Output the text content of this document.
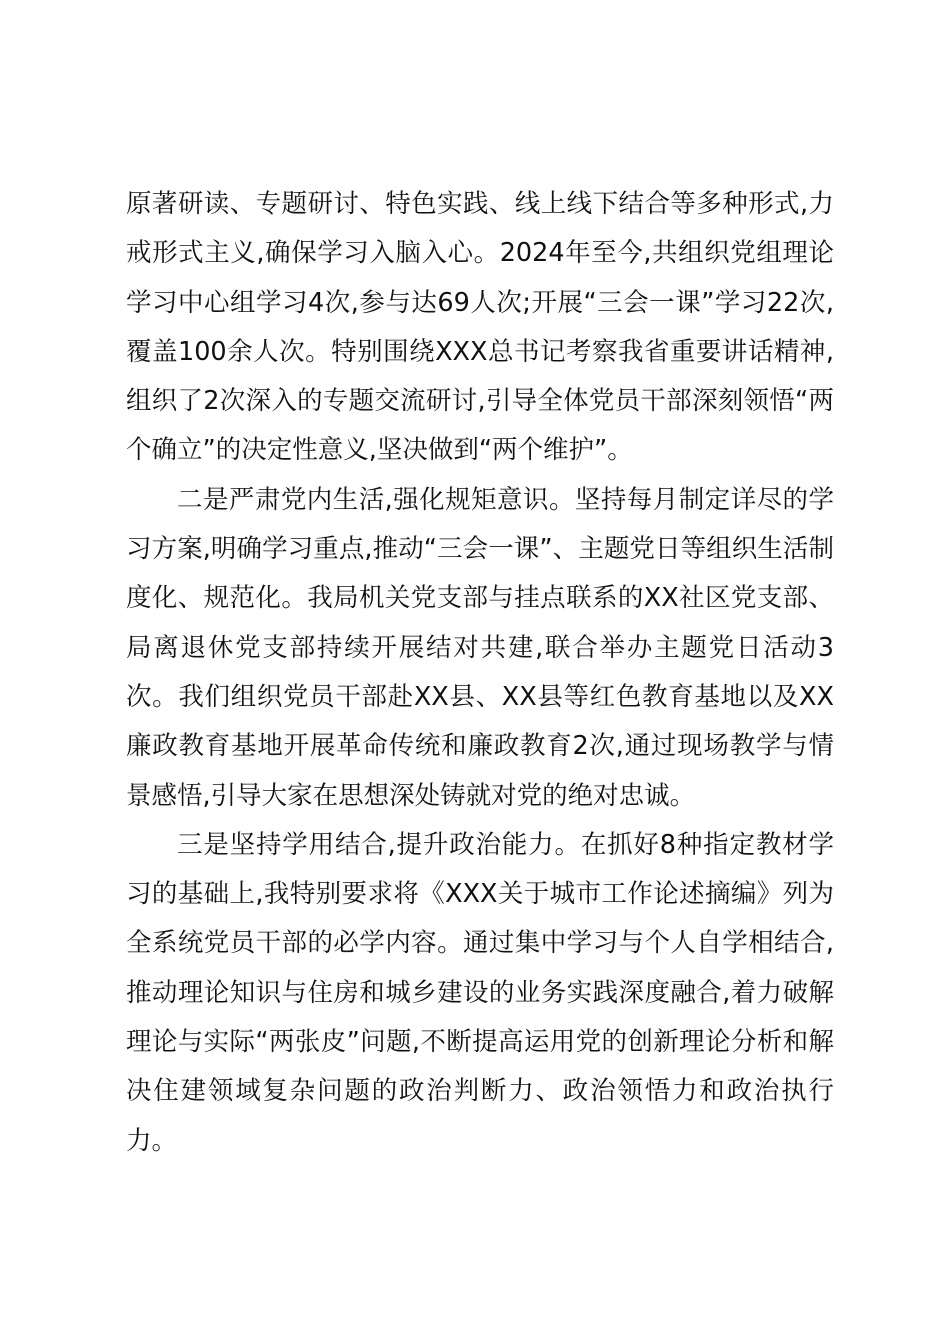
原著研读、专题研讨、特色实践、线上线下结合等多种形式,力戒形式主义,确保学习入脑入心。2024年至今,共组织党组理论学习中心组学习4次,参与达69人次;开展“三会一课”学习22次,覆盖100余人次。特别围绕XXX总书记考察我省重要讲话精神,组织了2次深入的专题交流研讨,引导全体党员干部深刻领悟“两个确立”的决定性意义,坚决做到“两个维护”。

二是严肃党内生活,强化规矩意识。坚持每月制定详尽的学习方案,明确学习重点,推动“三会一课”、主题党日等组织生活制度化、规范化。我局机关党支部与挂点联系的XX社区党支部、局离退休党支部持续开展结对共建,联合举办主题党日活动3次。我们组织党员干部赴XX县、XX县等红色教育基地以及XX廉政教育基地开展革命传统和廉政教育2次,通过现场教学与情景感悟,引导大家在思想深处铸就对党的绝对忠诚。

三是坚持学用结合,提升政治能力。在抓好8种指定教材学习的基础上,我特别要求将《XXX关于城市工作论述摘编》列为全系统党员干部的必学内容。通过集中学习与个人自学相结合,推动理论知识与住房和城乡建设的业务实践深度融合,着力破解理论与实际“两张皮”问题,不断提高运用党的创新理论分析和解决住建领域复杂问题的政治判断力、政治领悟力和政治执行力。
